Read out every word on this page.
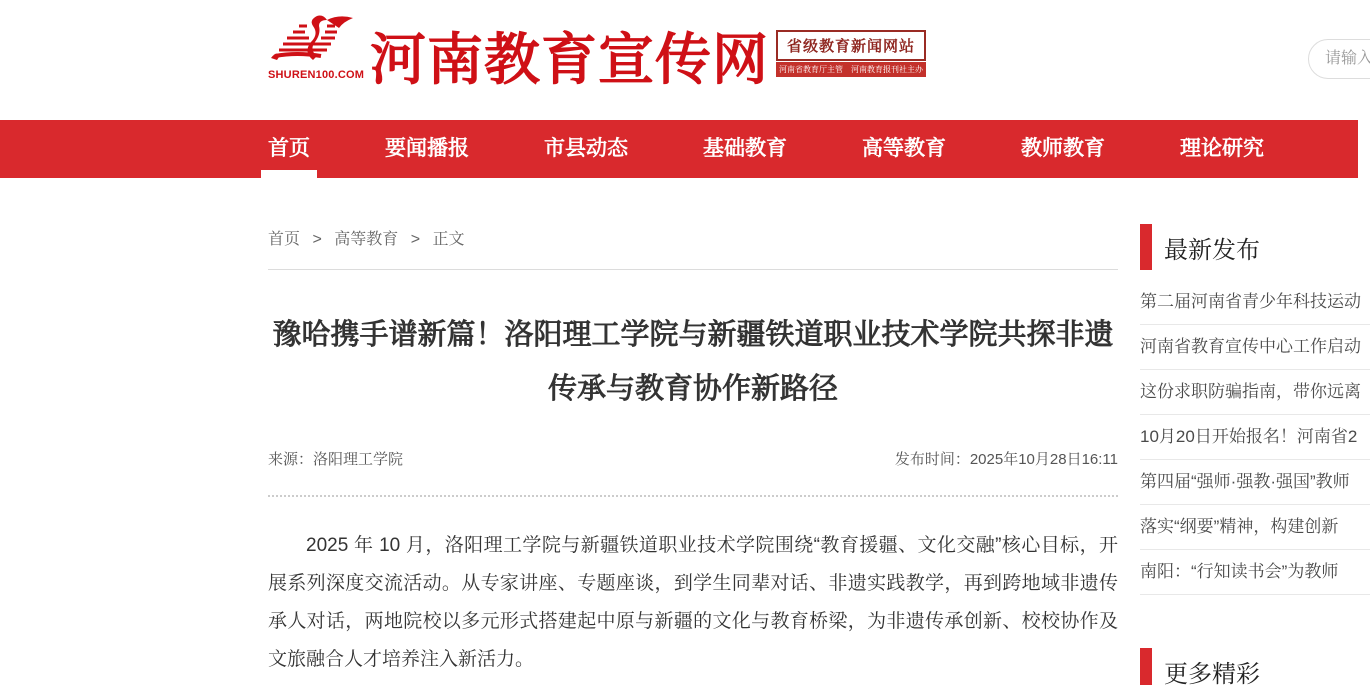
SHUREN100.COM 河南教育宣传网	省级教育新闻网站
河南省教育厅主管　河南教育报刊社主办
请输入
首页	要闻播报	市县动态	基础教育	高等教育	教师教育	理论研究
首页 > 高等教育 > 正文
豫哈携手谱新篇！洛阳理工学院与新疆铁道职业技术学院共探非遗传承与教育协作新路径
来源：洛阳理工学院	发布时间：2025年10月28日16:11

2025 年 10 月，洛阳理工学院与新疆铁道职业技术学院围绕“教育援疆、文化交融”核心目标，开展系列深度交流活动。从专家讲座、专题座谈，到学生同辈对话、非遗实践教学，再到跨地域非遗传承人对话，两地院校以多元形式搭建起中原与新疆的文化与教育桥梁，为非遗传承创新、校校协作及文旅融合人才培养注入新活力。

最新发布
第二届河南省青少年科技运动
河南省教育宣传中心工作启动
这份求职防骗指南，带你远离
10月20日开始报名！河南省2
第四届“强师·强教·强国”教师
落实“纲要”精神，构建创新
南阳：“行知读书会”为教师
更多精彩
